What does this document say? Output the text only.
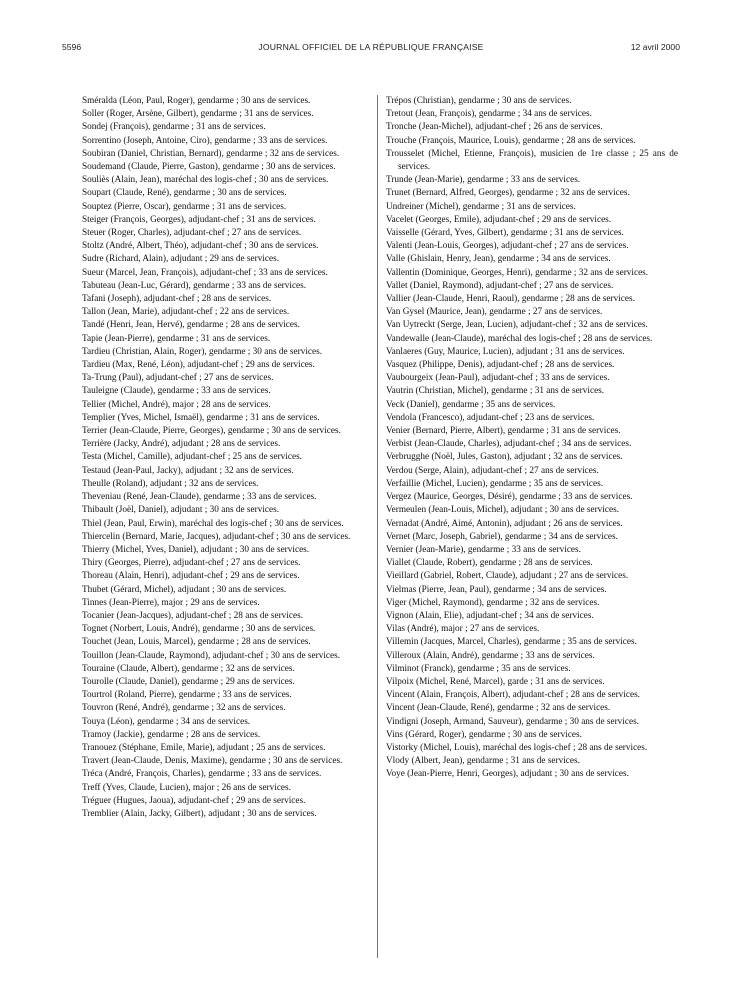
5596	JOURNAL OFFICIEL DE LA RÉPUBLIQUE FRANÇAISE	12 avril 2000
Sméralda (Léon, Paul, Roger), gendarme ; 30 ans de services.
Soller (Roger, Arsène, Gilbert), gendarme ; 31 ans de services.
Sondej (François), gendarme ; 31 ans de services.
Sorrentino (Joseph, Antoine, Ciro), gendarme ; 33 ans de services.
Soubiran (Daniel, Christian, Bernard), gendarme ; 32 ans de services.
Soudemand (Claude, Pierre, Gaston), gendarme ; 30 ans de services.
Souliès (Alain, Jean), maréchal des logis-chef ; 30 ans de services.
Soupart (Claude, René), gendarme ; 30 ans de services.
Souptez (Pierre, Oscar), gendarme ; 31 ans de services.
Steiger (François, Georges), adjudant-chef ; 31 ans de services.
Steuer (Roger, Charles), adjudant-chef ; 27 ans de services.
Stoltz (André, Albert, Théo), adjudant-chef ; 30 ans de services.
Sudre (Richard, Alain), adjudant ; 29 ans de services.
Sueur (Marcel, Jean, François), adjudant-chef ; 33 ans de services.
Tabuteau (Jean-Luc, Gérard), gendarme ; 33 ans de services.
Tafani (Joseph), adjudant-chef ; 28 ans de services.
Tallon (Jean, Marie), adjudant-chef ; 22 ans de services.
Tandé (Henri, Jean, Hervé), gendarme ; 28 ans de services.
Tapie (Jean-Pierre), gendarme ; 31 ans de services.
Tardieu (Christian, Alain, Roger), gendarme ; 30 ans de services.
Tardieu (Max, René, Léon), adjudant-chef ; 29 ans de services.
Ta-Trung (Paul), adjudant-chef ; 27 ans de services.
Tauleigne (Claude), gendarme ; 33 ans de services.
Tellier (Michel, André), major ; 28 ans de services.
Templier (Yves, Michel, Ismaël), gendarme ; 31 ans de services.
Terrier (Jean-Claude, Pierre, Georges), gendarme ; 30 ans de services.
Terrière (Jacky, André), adjudant ; 28 ans de services.
Testa (Michel, Camille), adjudant-chef ; 25 ans de services.
Testaud (Jean-Paul, Jacky), adjudant ; 32 ans de services.
Theulle (Roland), adjudant ; 32 ans de services.
Theveniau (René, Jean-Claude), gendarme ; 33 ans de services.
Thibault (Joël, Daniel), adjudant ; 30 ans de services.
Thiel (Jean, Paul, Erwin), maréchal des logis-chef ; 30 ans de services.
Thiercelin (Bernard, Marie, Jacques), adjudant-chef ; 30 ans de services.
Thierry (Michel, Yves, Daniel), adjudant ; 30 ans de services.
Thiry (Georges, Pierre), adjudant-chef ; 27 ans de services.
Thoreau (Alain, Henri), adjudant-chef ; 29 ans de services.
Thubet (Gérard, Michel), adjudant ; 30 ans de services.
Tinnes (Jean-Pierre), major ; 29 ans de services.
Tocanier (Jean-Jacques), adjudant-chef ; 28 ans de services.
Tognet (Norbert, Louis, André), gendarme ; 30 ans de services.
Touchet (Jean, Louis, Marcel), gendarme ; 28 ans de services.
Touillon (Jean-Claude, Raymond), adjudant-chef ; 30 ans de services.
Touraine (Claude, Albert), gendarme ; 32 ans de services.
Tourolle (Claude, Daniel), gendarme ; 29 ans de services.
Tourtrol (Roland, Pierre), gendarme ; 33 ans de services.
Touvron (René, André), gendarme ; 32 ans de services.
Touya (Léon), gendarme ; 34 ans de services.
Tramoy (Jackie), gendarme ; 28 ans de services.
Tranouez (Stéphane, Emile, Marie), adjudant ; 25 ans de services.
Travert (Jean-Claude, Denis, Maxime), gendarme ; 30 ans de services.
Tréca (André, François, Charles), gendarme ; 33 ans de services.
Treff (Yves, Claude, Lucien), major ; 26 ans de services.
Tréguer (Hugues, Jaoua), adjudant-chef ; 29 ans de services.
Tremblier (Alain, Jacky, Gilbert), adjudant ; 30 ans de services.
Trépos (Christian), gendarme ; 30 ans de services.
Tretout (Jean, François), gendarme ; 34 ans de services.
Tronche (Jean-Michel), adjudant-chef ; 26 ans de services.
Trouche (François, Maurice, Louis), gendarme ; 28 ans de services.
Trousselet (Michel, Etienne, François), musicien de 1re classe ; 25 ans de services.
Trunde (Jean-Marie), gendarme ; 33 ans de services.
Trunet (Bernard, Alfred, Georges), gendarme ; 32 ans de services.
Undreiner (Michel), gendarme ; 31 ans de services.
Vacelet (Georges, Emile), adjudant-chef ; 29 ans de services.
Vaisselle (Gérard, Yves, Gilbert), gendarme ; 31 ans de services.
Valenti (Jean-Louis, Georges), adjudant-chef ; 27 ans de services.
Valle (Ghislain, Henry, Jean), gendarme ; 34 ans de services.
Vallentin (Dominique, Georges, Henri), gendarme ; 32 ans de services.
Vallet (Daniel, Raymond), adjudant-chef ; 27 ans de services.
Vallier (Jean-Claude, Henri, Raoul), gendarme ; 28 ans de services.
Van Gysel (Maurice, Jean), gendarme ; 27 ans de services.
Van Uytreckt (Serge, Jean, Lucien), adjudant-chef ; 32 ans de services.
Vandewalle (Jean-Claude), maréchal des logis-chef ; 28 ans de services.
Vanlaeres (Guy, Maurice, Lucien), adjudant ; 31 ans de services.
Vasquez (Philippe, Denis), adjudant-chef ; 28 ans de services.
Vaubourgeix (Jean-Paul), adjudant-chef ; 33 ans de services.
Vautrin (Christian, Michel), gendarme ; 31 ans de services.
Veck (Daniel), gendarme ; 35 ans de services.
Vendola (Francesco), adjudant-chef ; 23 ans de services.
Venier (Bernard, Pierre, Albert), gendarme ; 31 ans de services.
Verbist (Jean-Claude, Charles), adjudant-chef ; 34 ans de services.
Verbrugghe (Noël, Jules, Gaston), adjudant ; 32 ans de services.
Verdou (Serge, Alain), adjudant-chef ; 27 ans de services.
Verfaillie (Michel, Lucien), gendarme ; 35 ans de services.
Vergez (Maurice, Georges, Désiré), gendarme ; 33 ans de services.
Vermeulen (Jean-Louis, Michel), adjudant ; 30 ans de services.
Vernadat (André, Aimé, Antonin), adjudant ; 26 ans de services.
Vernet (Marc, Joseph, Gabriel), gendarme ; 34 ans de services.
Vernier (Jean-Marie), gendarme ; 33 ans de services.
Viallet (Claude, Robert), gendarme ; 28 ans de services.
Vieillard (Gabriel, Robert, Claude), adjudant ; 27 ans de services.
Vielmas (Pierre, Jean, Paul), gendarme ; 34 ans de services.
Viger (Michel, Raymond), gendarme ; 32 ans de services.
Vignon (Alain, Elie), adjudant-chef ; 34 ans de services.
Vilas (André), major ; 27 ans de services.
Villemin (Jacques, Marcel, Charles), gendarme ; 35 ans de services.
Villeroux (Alain, André), gendarme ; 33 ans de services.
Vilminot (Franck), gendarme ; 35 ans de services.
Vilpoix (Michel, René, Marcel), garde ; 31 ans de services.
Vincent (Alain, François, Albert), adjudant-chef ; 28 ans de services.
Vincent (Jean-Claude, René), gendarme ; 32 ans de services.
Vindigni (Joseph, Armand, Sauveur), gendarme ; 30 ans de services.
Vins (Gérard, Roger), gendarme ; 30 ans de services.
Vistorky (Michel, Louis), maréchal des logis-chef ; 28 ans de services.
Vlody (Albert, Jean), gendarme ; 31 ans de services.
Voye (Jean-Pierre, Henri, Georges), adjudant ; 30 ans de services.
